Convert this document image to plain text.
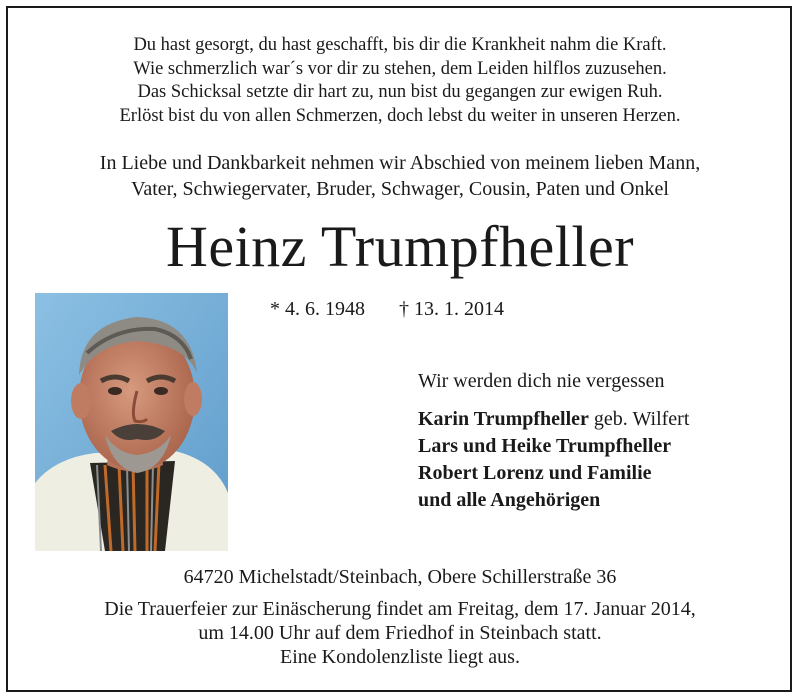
Du hast gesorgt, du hast geschafft, bis dir die Krankheit nahm die Kraft.
Wie schmerzlich war´s vor dir zu stehen, dem Leiden hilflos zuzusehen.
Das Schicksal setzte dir hart zu, nun bist du gegangen zur ewigen Ruh.
Erlöst bist du von allen Schmerzen, doch lebst du weiter in unseren Herzen.
In Liebe und Dankbarkeit nehmen wir Abschied von meinem lieben Mann,
Vater, Schwiegervater, Bruder, Schwager, Cousin, Paten und Onkel
Heinz Trumpfheller
* 4. 6. 1948 † 13. 1. 2014
Wir werden dich nie vergessen
Karin Trumpfheller geb. Wilfert
Lars und Heike Trumpfheller
Robert Lorenz und Familie
und alle Angehörigen
64720 Michelstadt/Steinbach, Obere Schillerstraße 36
Die Trauerfeier zur Einäscherung findet am Freitag, dem 17. Januar 2014,
um 14.00 Uhr auf dem Friedhof in Steinbach statt.
Eine Kondolenzliste liegt aus.
